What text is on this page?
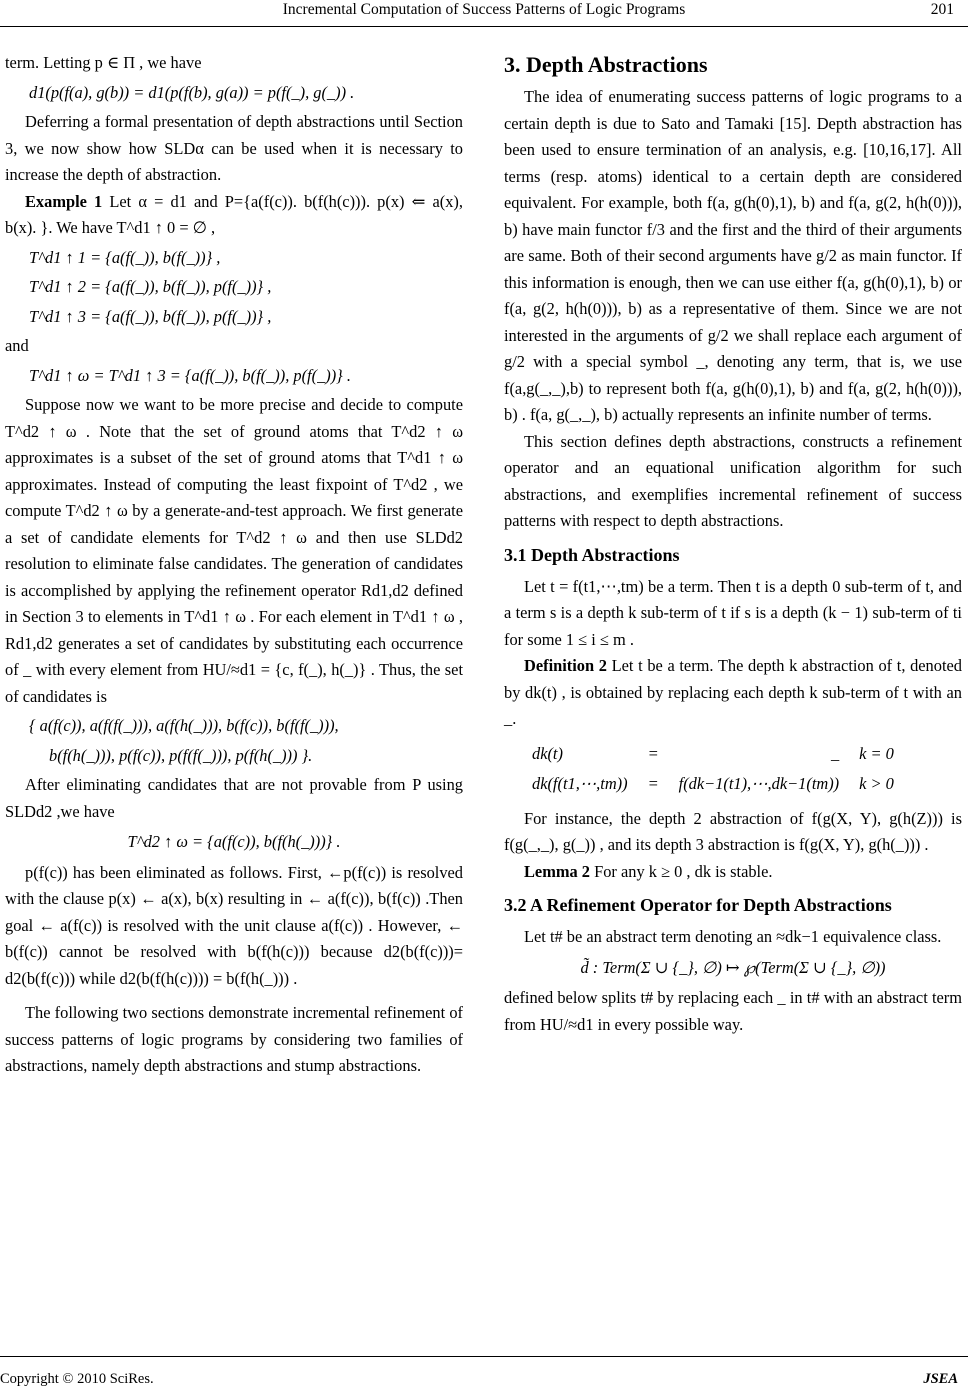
Incremental Computation of Success Patterns of Logic Programs	201

term. Letting p ∈ Π , we have

d1(p(f(a), g(b)) = d1(p(f(b), g(a)) = p(f(_), g(_)) .

Deferring a formal presentation of depth abstractions until Section 3, we now show how SLDα can be used when it is necessary to increase the depth of abstraction.

Example 1 Let α = d1 and P={a(f(c)). b(f(h(c))). p(x) ⇐ a(x), b(x). }. We have T^d1 ↑ 0 = ∅ ,

T^d1 ↑ 1 = {a(f(_)), b(f(_))} ,

T^d1 ↑ 2 = {a(f(_)), b(f(_)), p(f(_))} ,

T^d1 ↑ 3 = {a(f(_)), b(f(_)), p(f(_))} ,

and

T^d1 ↑ ω = T^d1 ↑ 3 = {a(f(_)), b(f(_)), p(f(_))} .

Suppose now we want to be more precise and decide to compute T^d2 ↑ ω . Note that the set of ground atoms that T^d2 ↑ ω approximates is a subset of the set of ground atoms that T^d1 ↑ ω approximates. Instead of computing the least fixpoint of T^d2 , we compute T^d2 ↑ ω by a generate-and-test approach. We first generate a set of candidate elements for T^d2 ↑ ω and then use SLDd2 resolution to eliminate false candidates. The generation of candidates is accomplished by applying the refinement operator Rd1,d2 defined in Section 3 to elements in T^d1 ↑ ω . For each element in T^d1 ↑ ω , Rd1,d2 generates a set of candidates by substituting each occurrence of _ with every element from HU/≈d1 = {c, f(_), h(_)} . Thus, the set of candidates is

{ a(f(c)), a(f(f(_))), a(f(h(_))), b(f(c)), b(f(f(_))),

b(f(h(_))), p(f(c)), p(f(f(_))), p(f(h(_))) }.

After eliminating candidates that are not provable from P using SLDd2 ,we have

T^d2 ↑ ω = {a(f(c)), b(f(h(_)))} .

p(f(c)) has been eliminated as follows. First, ←p(f(c)) is resolved with the clause p(x) ← a(x), b(x) resulting in ← a(f(c)), b(f(c)) .Then goal ← a(f(c)) is resolved with the unit clause a(f(c)) . However, ← b(f(c)) cannot be resolved with b(f(h(c))) because d2(b(f(c)))= d2(b(f(c))) while d2(b(f(h(c)))) = b(f(h(_))) .

The following two sections demonstrate incremental refinement of success patterns of logic programs by considering two families of abstractions, namely depth abstractions and stump abstractions.

3. Depth Abstractions

The idea of enumerating success patterns of logic programs to a certain depth is due to Sato and Tamaki [15]. Depth abstraction has been used to ensure termination of an analysis, e.g. [10,16,17]. All terms (resp. atoms) identical to a certain depth are considered equivalent. For example, both f(a, g(h(0),1), b) and f(a, g(2, h(h(0))), b) have main functor f/3 and the first and the third of their arguments are same. Both of their second arguments have g/2 as main functor. If this information is enough, then we can use either f(a, g(h(0),1), b) or f(a, g(2, h(h(0))), b) as a representative of them. Since we are not interested in the arguments of g/2 we shall replace each argument of g/2 with a special symbol _, denoting any term, that is, we use f(a,g(_,_),b) to represent both f(a, g(h(0),1), b) and f(a, g(2, h(h(0))), b) . f(a, g(_,_), b) actually represents an infinite number of terms.

This section defines depth abstractions, constructs a refinement operator and an equational unification algorithm for such abstractions, and exemplifies incremental refinement of success patterns with respect to depth abstractions.

3.1 Depth Abstractions

Let t = f(t1,⋯,tm) be a term. Then t is a depth 0 sub-term of t, and a term s is a depth k sub-term of t if s is a depth (k − 1) sub-term of ti for some 1 ≤ i ≤ m .

Definition 2 Let t be a term. The depth k abstraction of t, denoted by dk(t) , is obtained by replacing each depth k sub-term of t with an _.

dk(t)	=	_	k = 0
dk(f(t1,⋯,tm))	=	f(dk−1(t1),⋯,dk−1(tm))	k > 0

For instance, the depth 2 abstraction of f(g(X, Y), g(h(Z))) is f(g(_,_), g(_)) , and its depth 3 abstraction is f(g(X, Y), g(h(_))) .

Lemma 2 For any k ≥ 0 , dk is stable.

3.2 A Refinement Operator for Depth Abstractions

Let t# be an abstract term denoting an ≈dk−1 equivalence class.

d̃ : Term(Σ ∪ {_}, ∅) ↦ ℘(Term(Σ ∪ {_}, ∅))

defined below splits t# by replacing each _ in t# with an abstract term from HU/≈d1 in every possible way.

Copyright © 2010 SciRes.	JSEA
